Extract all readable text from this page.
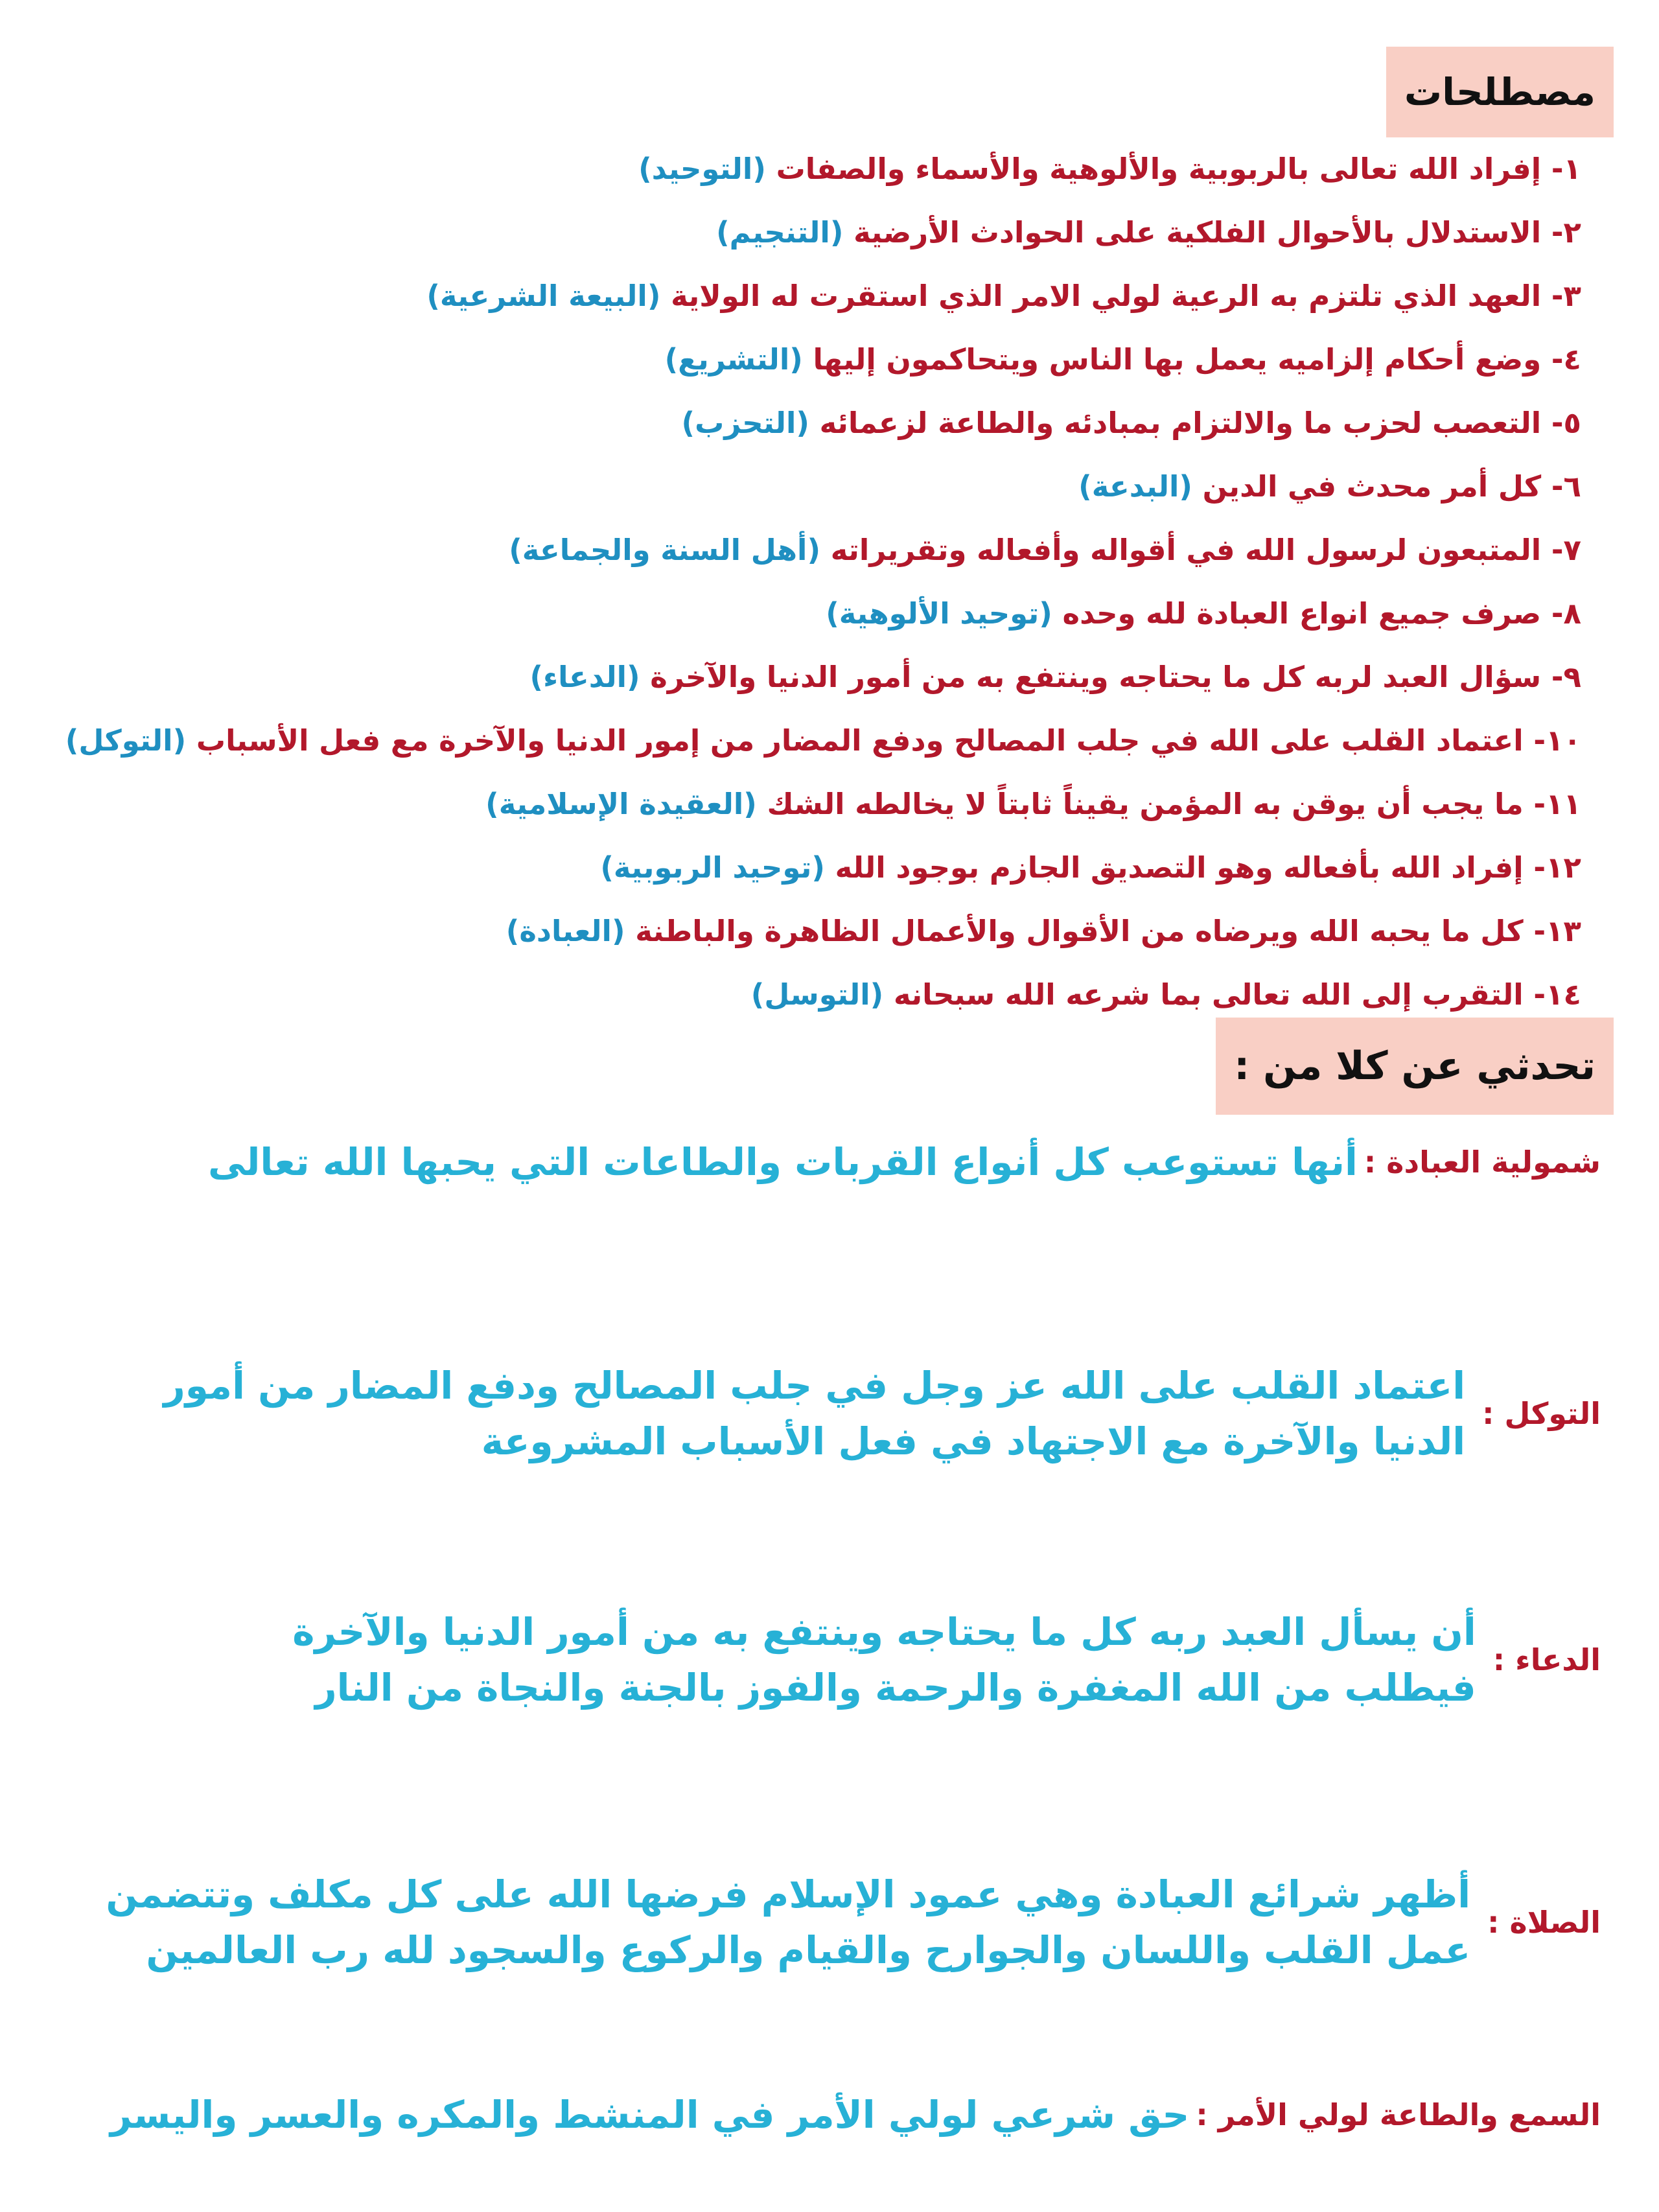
مصطلحات
١- إفراد الله تعالى بالربوبية والألوهية والأسماء والصفات (التوحيد)
٢- الاستدلال بالأحوال الفلكية على الحوادث الأرضية (التنجيم)
٣- العهد الذي تلتزم به الرعية لولي الامر الذي استقرت له الولاية (البيعة الشرعية)
٤- وضع أحكام إلزاميه يعمل بها الناس ويتحاكمون إليها (التشريع)
٥- التعصب لحزب ما والالتزام بمبادئه والطاعة لزعمائه (التحزب)
٦- كل أمر محدث في الدين (البدعة)
٧- المتبعون لرسول الله في أقواله وأفعاله وتقريراته (أهل السنة والجماعة)
٨- صرف جميع انواع العبادة لله وحده (توحيد الألوهية)
٩- سؤال العبد لربه كل ما يحتاجه وينتفع به من أمور الدنيا والآخرة (الدعاء)
١٠- اعتماد القلب على الله في جلب المصالح ودفع المضار من إمور الدنيا والآخرة مع فعل الأسباب (التوكل)
١١- ما يجب أن يوقن به المؤمن يقيناً ثابتاً لا يخالطه الشك (العقيدة الإسلامية)
١٢- إفراد الله بأفعاله وهو التصديق الجازم بوجود الله (توحيد الربوبية)
١٣- كل ما يحبه الله ويرضاه من الأقوال والأعمال الظاهرة والباطنة (العبادة)
١٤- التقرب إلى الله تعالى بما شرعه الله سبحانه (التوسل)
تحدثي عن كلا من :
شمولية العبادة :
أنها تستوعب كل أنواع القربات والطاعات التي يحبها الله تعالى
التوكل :
اعتماد القلب على الله عز وجل في جلب المصالح ودفع المضار من أمور
الدنيا والآخرة مع الاجتهاد في فعل الأسباب المشروعة
الدعاء :
أن يسأل العبد ربه كل ما يحتاجه وينتفع به من أمور الدنيا والآخرة
فيطلب من الله المغفرة والرحمة والفوز بالجنة والنجاة من النار
الصلاة :
أظهر شرائع العبادة وهي عمود الإسلام فرضها الله على كل مكلف وتتضمن
عمل القلب واللسان والجوارح والقيام والركوع والسجود لله رب العالمين
السمع والطاعة لولي الأمر :
حق شرعي لولي الأمر في المنشط والمكره والعسر واليسر
